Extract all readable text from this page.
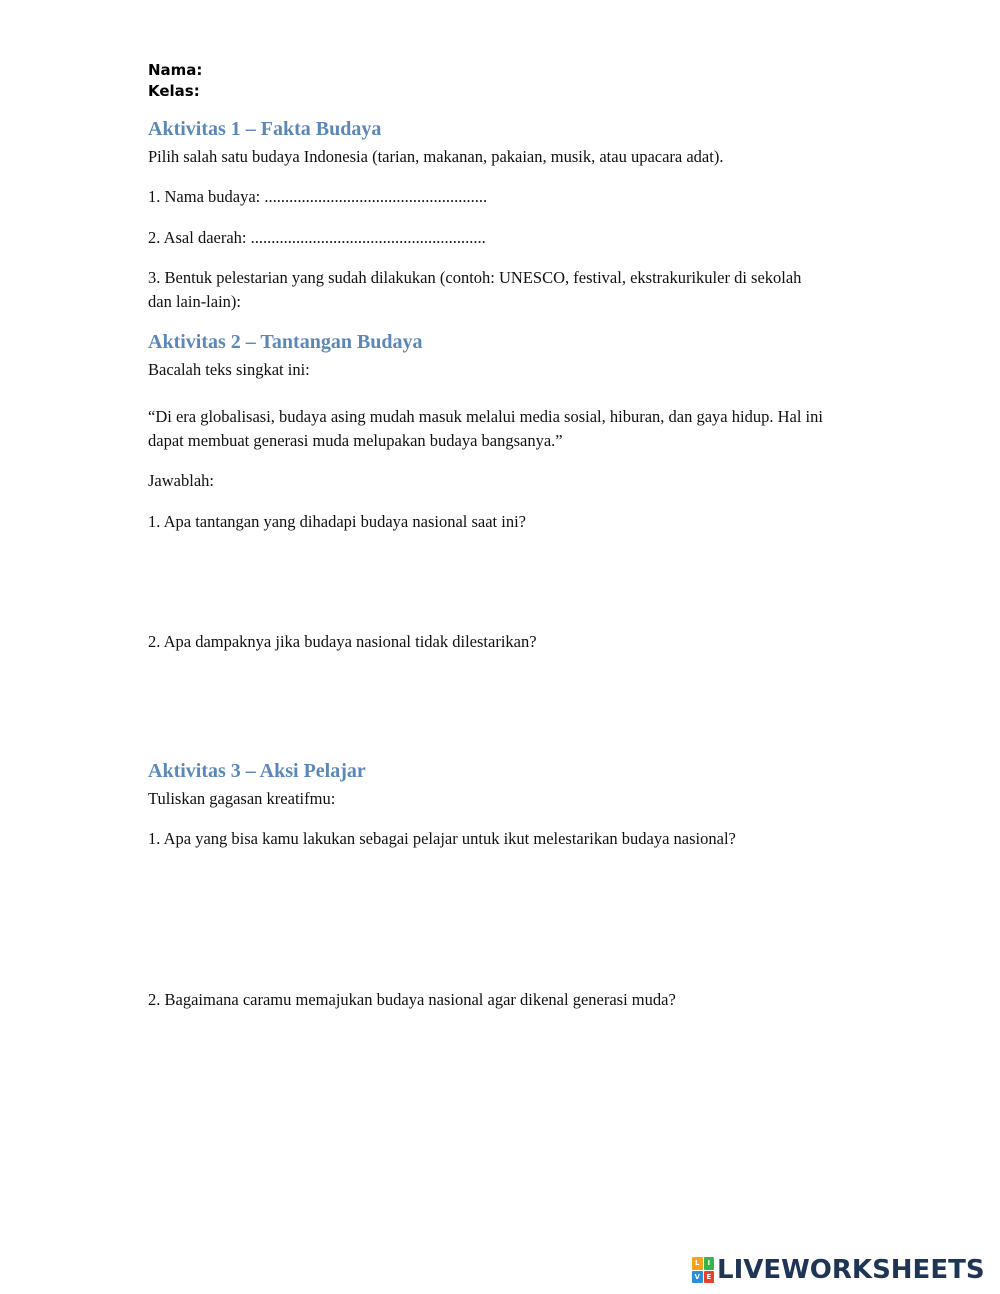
Nama:
Kelas:
Aktivitas 1 – Fakta Budaya
Pilih salah satu budaya Indonesia (tarian, makanan, pakaian, musik, atau upacara adat).
1. Nama budaya: ......................................................
2. Asal daerah: .........................................................
3. Bentuk pelestarian yang sudah dilakukan (contoh: UNESCO, festival, ekstrakurikuler di sekolah dan lain-lain):
Aktivitas 2 – Tantangan Budaya
Bacalah teks singkat ini:
“Di era globalisasi, budaya asing mudah masuk melalui media sosial, hiburan, dan gaya hidup. Hal ini dapat membuat generasi muda melupakan budaya bangsanya.”
Jawablah:
1. Apa tantangan yang dihadapi budaya nasional saat ini?
2. Apa dampaknya jika budaya nasional tidak dilestarikan?
Aktivitas 3 – Aksi Pelajar
Tuliskan gagasan kreatifmu:
1. Apa yang bisa kamu lakukan sebagai pelajar untuk ikut melestarikan budaya nasional?
2. Bagaimana caramu memajukan budaya nasional agar dikenal generasi muda?
L	I
V E LIVEWORKSHEETS
